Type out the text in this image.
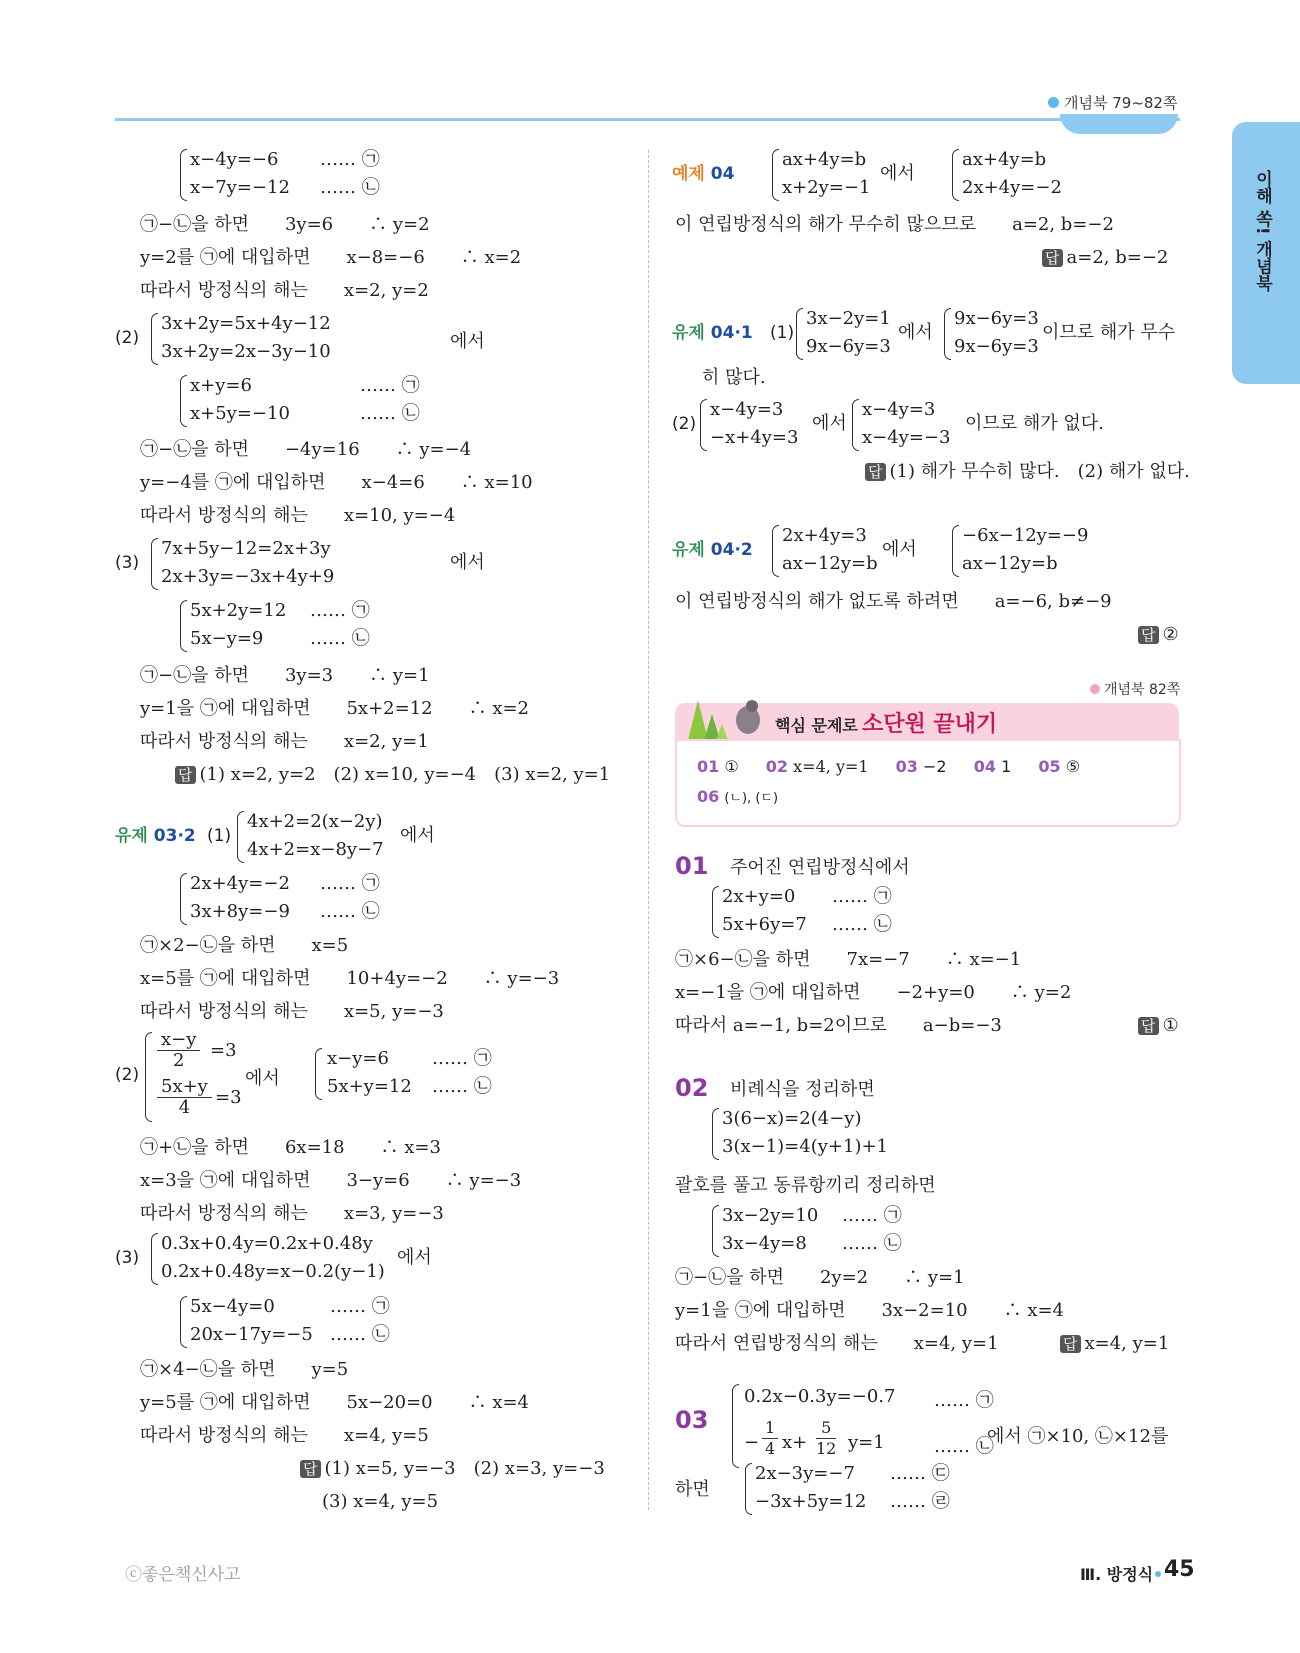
개념북 79~82쪽
이해 쏙! 개념북
x−4y=−6 …… ㉠
x−7y=−12 …… ㉡
㉠−㉡을 하면　　3y=6　　∴ y=2
y=2를 ㉠에 대입하면　　x−8=−6　　∴ x=2
따라서 방정식의 해는　　x=2, y=2
(2)
3x+2y=5x+4y−12
3x+2y=2x−3y−10	에서
x+y=6	…… ㉠
x+5y=−10	…… ㉡
㉠−㉡을 하면　　−4y=16　　∴ y=−4
y=−4를 ㉠에 대입하면　　x−4=6　　∴ x=10
따라서 방정식의 해는　　x=10, y=−4
(3)
7x+5y−12=2x+3y
2x+3y=−3x+4y+9
에서
5x+2y=12 …… ㉠
5x−y=9	…… ㉡
㉠−㉡을 하면　　3y=3　　∴ y=1
y=1을 ㉠에 대입하면　　5x+2=12　　∴ x=2
따라서 방정식의 해는　　x=2, y=1
답 (1) x=2, y=2　(2) x=10, y=−4　(3) x=2, y=1
유제 03·2 (1)
4x+2=2(x−2y)
4x+2=x−8y−7
에서
2x+4y=−2 …… ㉠
3x+8y=−9 …… ㉡
㉠×2−㉡을 하면　　x=5
x=5를 ㉠에 대입하면　　10+4y=−2　　∴ y=−3
따라서 방정식의 해는　　x=5, y=−3
(2)
x−y
2	=3
5x+y
4	=3
에서
x−y=6 …… ㉠
5x+y=12 …… ㉡
㉠+㉡을 하면　　6x=18　　∴ x=3
x=3을 ㉠에 대입하면　　3−y=6　　∴ y=−3
따라서 방정식의 해는　　x=3, y=−3
(3)
0.3x+0.4y=0.2x+0.48y
0.2x+0.48y=x−0.2(y−1)
에서
5x−4y=0	…… ㉠
20x−17y=−5 …… ㉡
㉠×4−㉡을 하면　　y=5
y=5를 ㉠에 대입하면　　5x−20=0　　∴ x=4
따라서 방정식의 해는　　x=4, y=5
답 (1) x=5, y=−3　(2) x=3, y=−3
(3) x=4, y=5
예제 04
ax+4y=b
x+2y=−1
에서
ax+4y=b
2x+4y=−2
이 연립방정식의 해가 무수히 많으므로　　a=2, b=−2
답 a=2, b=−2
유제 04·1 (1)
3x−2y=1
9x−6y=3
에서
9x−6y=3
9x−6y=3
이므로 해가 무수
히 많다.
(2)
x−4y=3
−x+4y=3
에서
x−4y=3
x−4y=−3
이므로 해가 없다.
답 (1) 해가 무수히 많다.　(2) 해가 없다.
유제 04·2
2x+4y=3
ax−12y=b
에서
−6x−12y=−9
ax−12y=b
이 연립방정식의 해가 없도록 하려면　　a=−6, b≠−9
답 ②
개념북 82쪽
핵심 문제로 소단원 끝내기
01 ① 02 x=4, y=1 03 −2 04 1 05 ⑤
06 (ㄴ), (ㄷ)
01 주어진 연립방정식에서
2x+y=0 …… ㉠
5x+6y=7 …… ㉡
㉠×6−㉡을 하면　　7x=−7　　∴ x=−1
x=−1을 ㉠에 대입하면　　−2+y=0　　∴ y=2
따라서 a=−1, b=2이므로　　a−b=−3	답 ①
02 비례식을 정리하면
3(6−x)=2(4−y)
3(x−1)=4(y+1)+1
괄호를 풀고 동류항끼리 정리하면
3x−2y=10 …… ㉠
3x−4y=8 …… ㉡
㉠−㉡을 하면　　2y=2　　∴ y=1
y=1을 ㉠에 대입하면　　3x−2=10　　∴ x=4
따라서 연립방정식의 해는　　x=4, y=1	답 x=4, y=1
03
0.2x−0.3y=−0.7 …… ㉠
−
1
4 x+
5
12 y=1	…… ㉡
에서 ㉠×10, ㉡×12를
하면
2x−3y=−7 …… ㉢
−3x+5y=12 …… ㉣
ⓒ좋은책신사고	Ⅲ. 방정식 45
